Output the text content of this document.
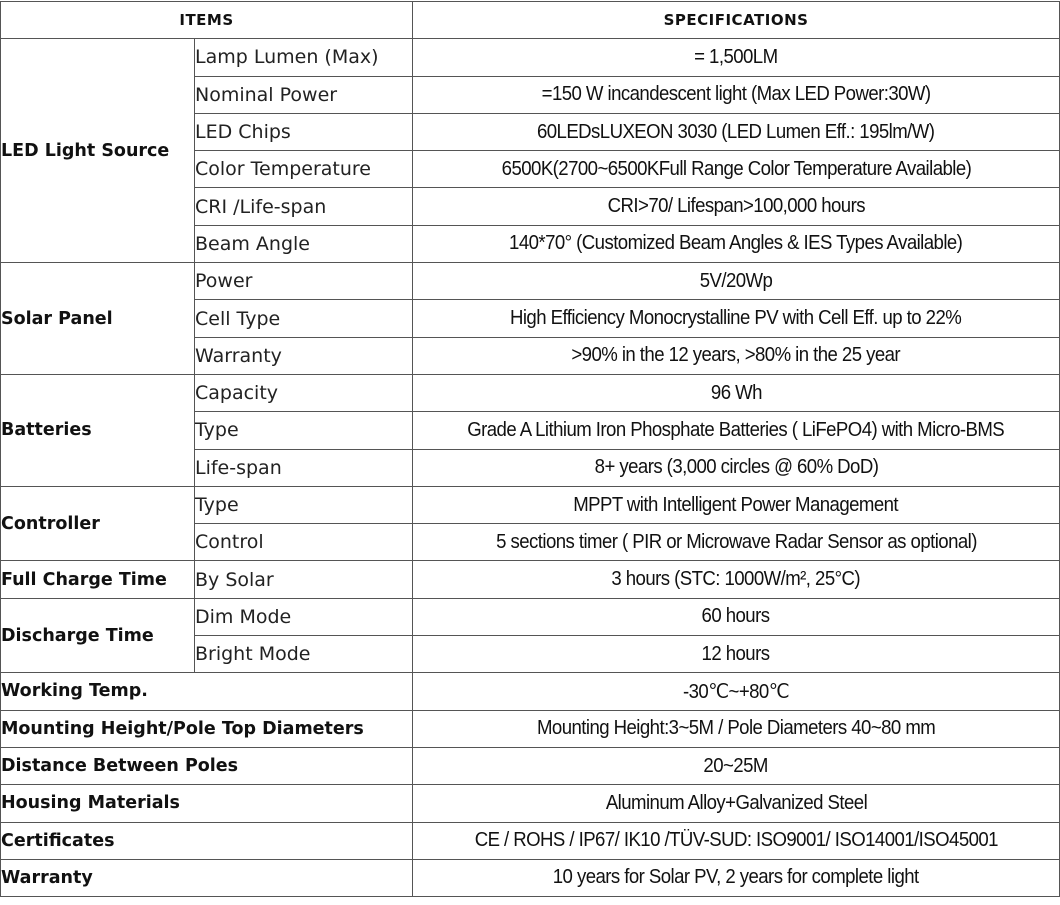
ITEMS		SPECIFICATIONS
LED Light Source	Lamp Lumen (Max)	= 1,500LM
	Nominal Power	=150 W incandescent light (Max LED Power:30W)
	LED Chips	60LEDsLUXEON 3030 (LED Lumen Eff.: 195lm/W)
	Color Temperature	6500K(2700~6500KFull Range Color Temperature Available)
	CRI /Life-span	CRI>70/ Lifespan>100,000 hours
	Beam Angle	140*70° (Customized Beam Angles & IES Types Available)
Solar Panel	Power	5V/20Wp
	Cell Type	High Efficiency Monocrystalline PV with Cell Eff. up to 22%
	Warranty	>90% in the 12 years, >80% in the 25 year
Batteries	Capacity	96 Wh
	Type	Grade A Lithium Iron Phosphate Batteries ( LiFePO4) with Micro-BMS
	Life-span	8+ years (3,000 circles @ 60% DoD)
Controller	Type	MPPT with Intelligent Power Management
	Control	5 sections timer ( PIR or Microwave Radar Sensor as optional)
Full Charge Time	By Solar	3 hours (STC: 1000W/m², 25°C)
Discharge Time	Dim Mode	60 hours
	Bright Mode	12 hours
Working Temp.		-30℃~+80℃
Mounting Height/Pole Top Diameters		Mounting Height:3~5M / Pole Diameters 40~80 mm
Distance Between Poles		20~25M
Housing Materials		Aluminum Alloy+Galvanized Steel
Certificates		CE / ROHS / IP67/ IK10 /TÜV-SUD: ISO9001/ ISO14001/ISO45001
Warranty		10 years for Solar PV, 2 years for complete light
